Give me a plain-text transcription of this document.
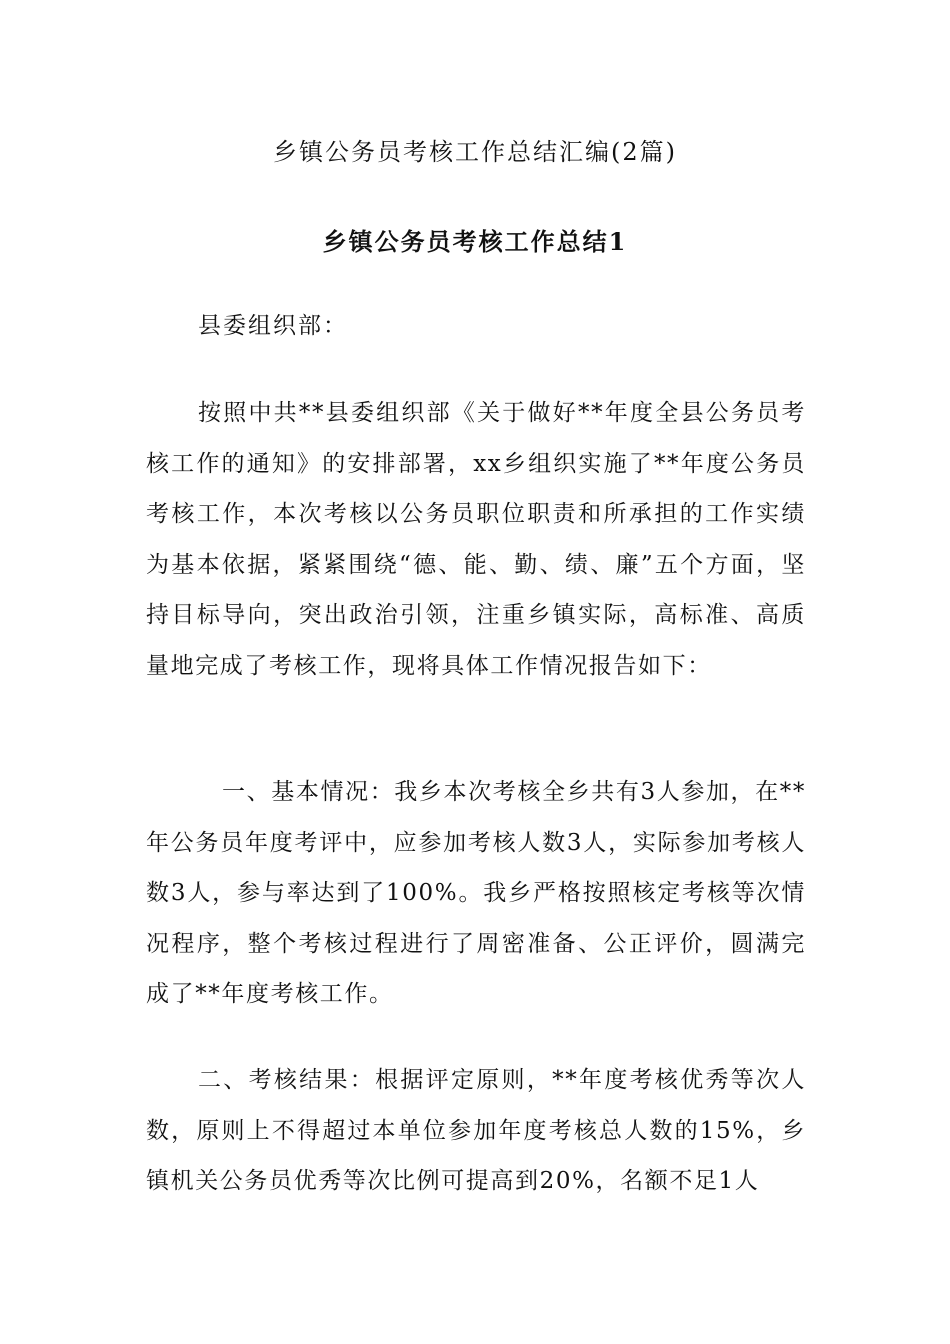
乡镇公务员考核工作总结汇编(2篇)
乡镇公务员考核工作总结1

县委组织部：

按照中共**县委组织部《关于做好**年度全县公务员考核工作的通知》的安排部署，xx乡组织实施了**年度公务员考核工作，本次考核以公务员职位职责和所承担的工作实绩为基本依据，紧紧围绕“德、能、勤、绩、廉”五个方面，坚持目标导向，突出政治引领，注重乡镇实际，高标准、高质量地完成了考核工作，现将具体工作情况报告如下：

一、基本情况：我乡本次考核全乡共有3人参加，在**年公务员年度考评中，应参加考核人数3人，实际参加考核人数3人，参与率达到了100%。我乡严格按照核定考核等次情况程序，整个考核过程进行了周密准备、公正评价，圆满完成了**年度考核工作。

二、考核结果：根据评定原则，**年度考核优秀等次人数，原则上不得超过本单位参加年度考核总人数的15%，乡镇机关公务员优秀等次比例可提高到20%，名额不足1人
